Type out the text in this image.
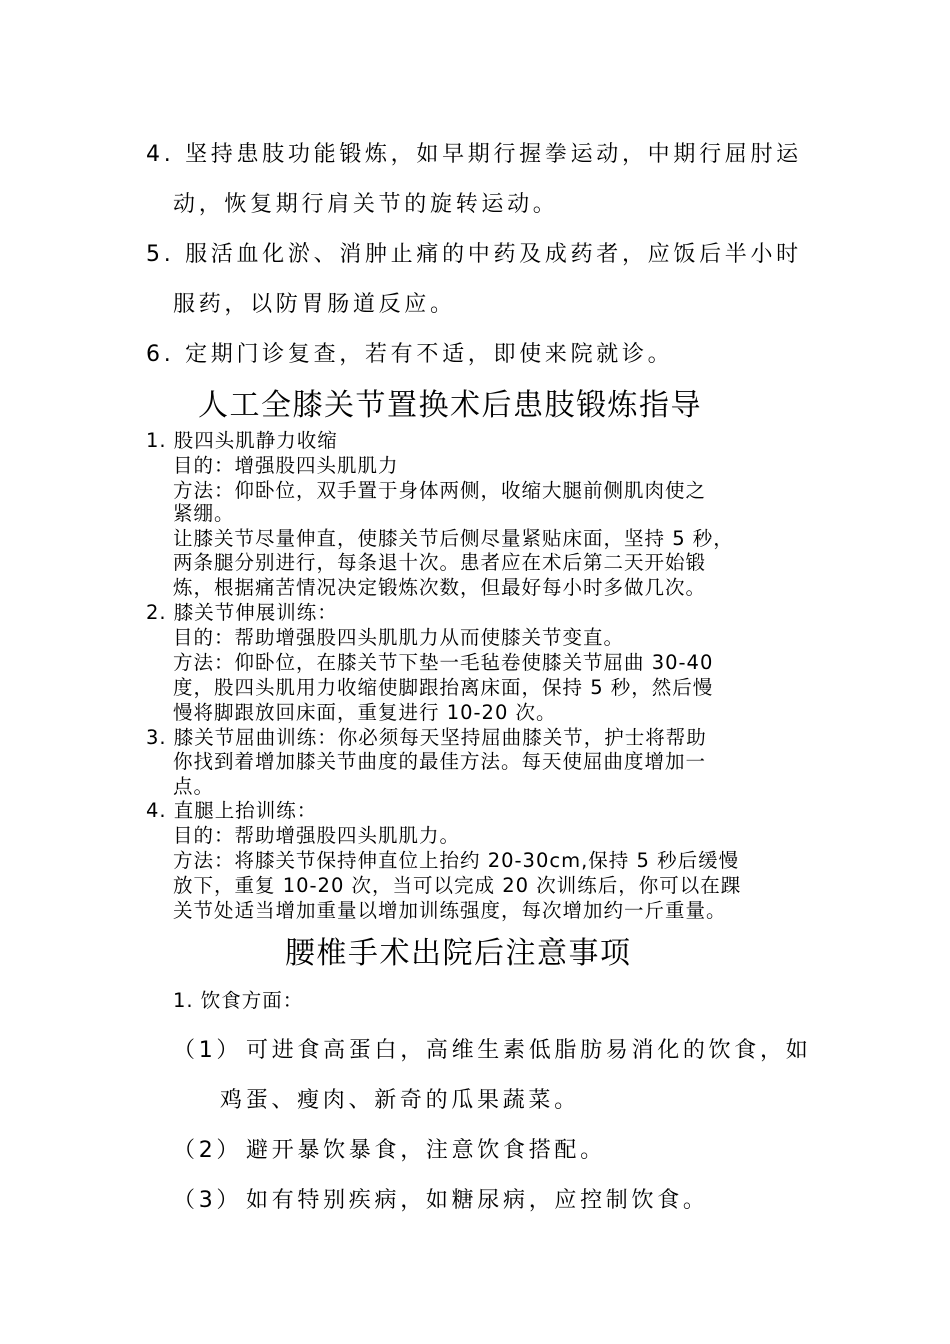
4. 坚持患肢功能锻炼，如早期行握拳运动，中期行屈肘运
动，恢复期行肩关节的旋转运动。
5. 服活血化淤、消肿止痛的中药及成药者，应饭后半小时
服药，以防胃肠道反应。
6. 定期门诊复查，若有不适，即使来院就诊。
人工全膝关节置换术后患肢锻炼指导
1. 股四头肌静力收缩
目的：增强股四头肌肌力
方法：仰卧位，双手置于身体两侧，收缩大腿前侧肌肉使之
紧绷。
让膝关节尽量伸直，使膝关节后侧尽量紧贴床面，坚持 5 秒，
两条腿分别进行，每条退十次。患者应在术后第二天开始锻
炼，根据痛苦情况决定锻炼次数，但最好每小时多做几次。
2. 膝关节伸展训练：
目的：帮助增强股四头肌肌力从而使膝关节变直。
方法：仰卧位，在膝关节下垫一毛毡卷使膝关节屈曲 30-40
度，股四头肌用力收缩使脚跟抬离床面，保持 5 秒，然后慢
慢将脚跟放回床面，重复进行 10-20 次。
3. 膝关节屈曲训练：你必须每天坚持屈曲膝关节，护士将帮助
你找到着增加膝关节曲度的最佳方法。每天使屈曲度增加一
点。
4. 直腿上抬训练：
目的：帮助增强股四头肌肌力。
方法：将膝关节保持伸直位上抬约 20-30cm,保持 5 秒后缓慢
放下，重复 10-20 次，当可以完成 20 次训练后，你可以在踝
关节处适当增加重量以增加训练强度，每次增加约一斤重量。
腰椎手术出院后注意事项
1. 饮食方面：
（1） 可进食高蛋白，高维生素低脂肪易消化的饮食，如
鸡蛋、瘦肉、新奇的瓜果蔬菜。
（2） 避开暴饮暴食，注意饮食搭配。
（3） 如有特别疾病，如糖尿病，应控制饮食。
